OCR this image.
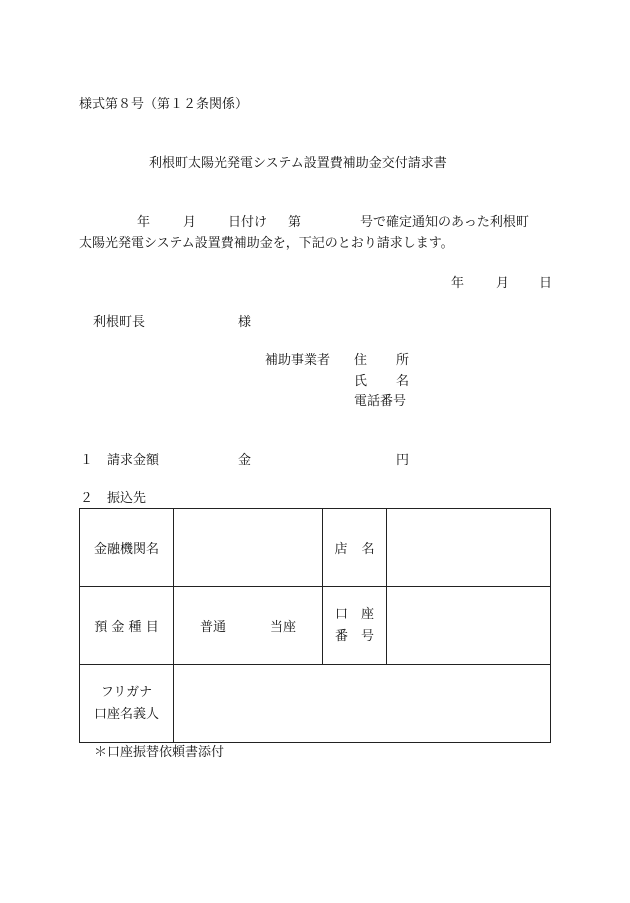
様式第８号（第１２条関係）
利根町太陽光発電システム設置費補助金交付請求書
年	月 日付け 第	号で確定通知のあった利根町
太陽光発電システム設置費補助金を，下記のとおり請求します。
年 月 日
利根町長	様
補助事業者 住 所
氏 名
電話番号
１ 請求金額	金	円
２ 振込先
金融機関名		店 名	
預 金 種 目	普通 当座	口　座
番　号	

フリガナ
口座名義人			

＊口座振替依頼書添付
